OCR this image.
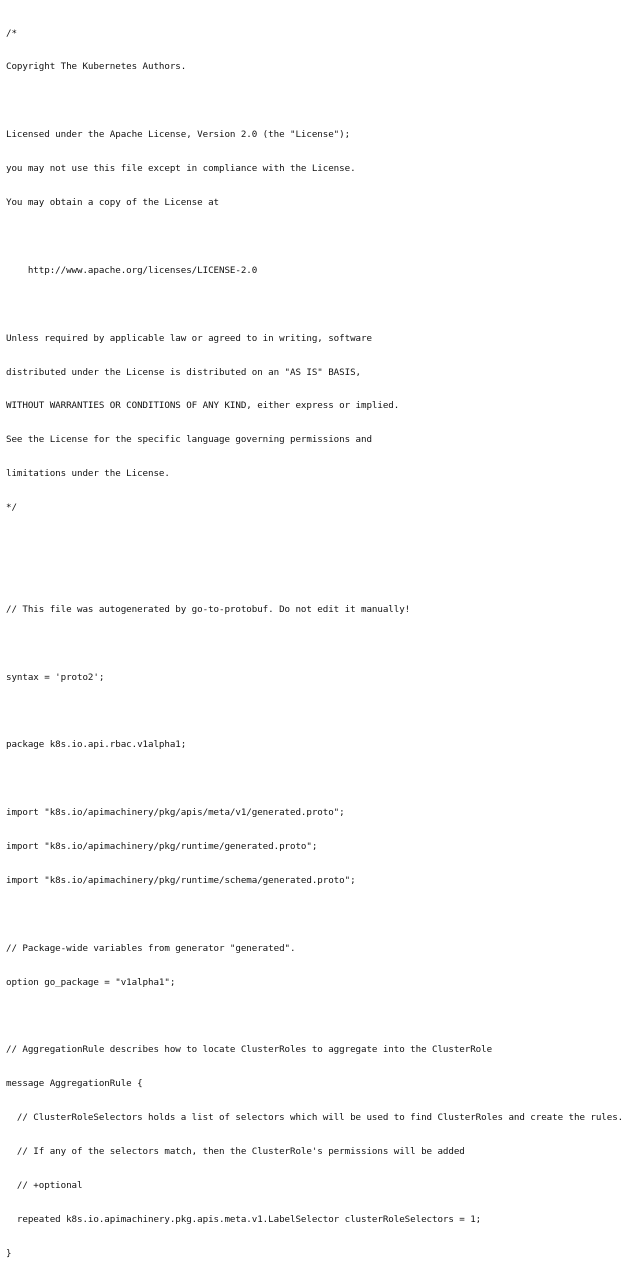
/*

Copyright The Kubernetes Authors.

Licensed under the Apache License, Version 2.0 (the "License");

you may not use this file except in compliance with the License.

You may obtain a copy of the License at

http://www.apache.org/licenses/LICENSE-2.0

Unless required by applicable law or agreed to in writing, software

distributed under the License is distributed on an "AS IS" BASIS,

WITHOUT WARRANTIES OR CONDITIONS OF ANY KIND, either express or implied.

See the License for the specific language governing permissions and

limitations under the License.

*/

// This file was autogenerated by go-to-protobuf. Do not edit it manually!

syntax = 'proto2';

package k8s.io.api.rbac.v1alpha1;

import "k8s.io/apimachinery/pkg/apis/meta/v1/generated.proto";

import "k8s.io/apimachinery/pkg/runtime/generated.proto";

import "k8s.io/apimachinery/pkg/runtime/schema/generated.proto";

// Package-wide variables from generator "generated".

option go_package = "v1alpha1";

// AggregationRule describes how to locate ClusterRoles to aggregate into the ClusterRole

message AggregationRule {

// ClusterRoleSelectors holds a list of selectors which will be used to find ClusterRoles and create the rules.

// If any of the selectors match, then the ClusterRole's permissions will be added

// +optional

repeated k8s.io.apimachinery.pkg.apis.meta.v1.LabelSelector clusterRoleSelectors = 1;

}
